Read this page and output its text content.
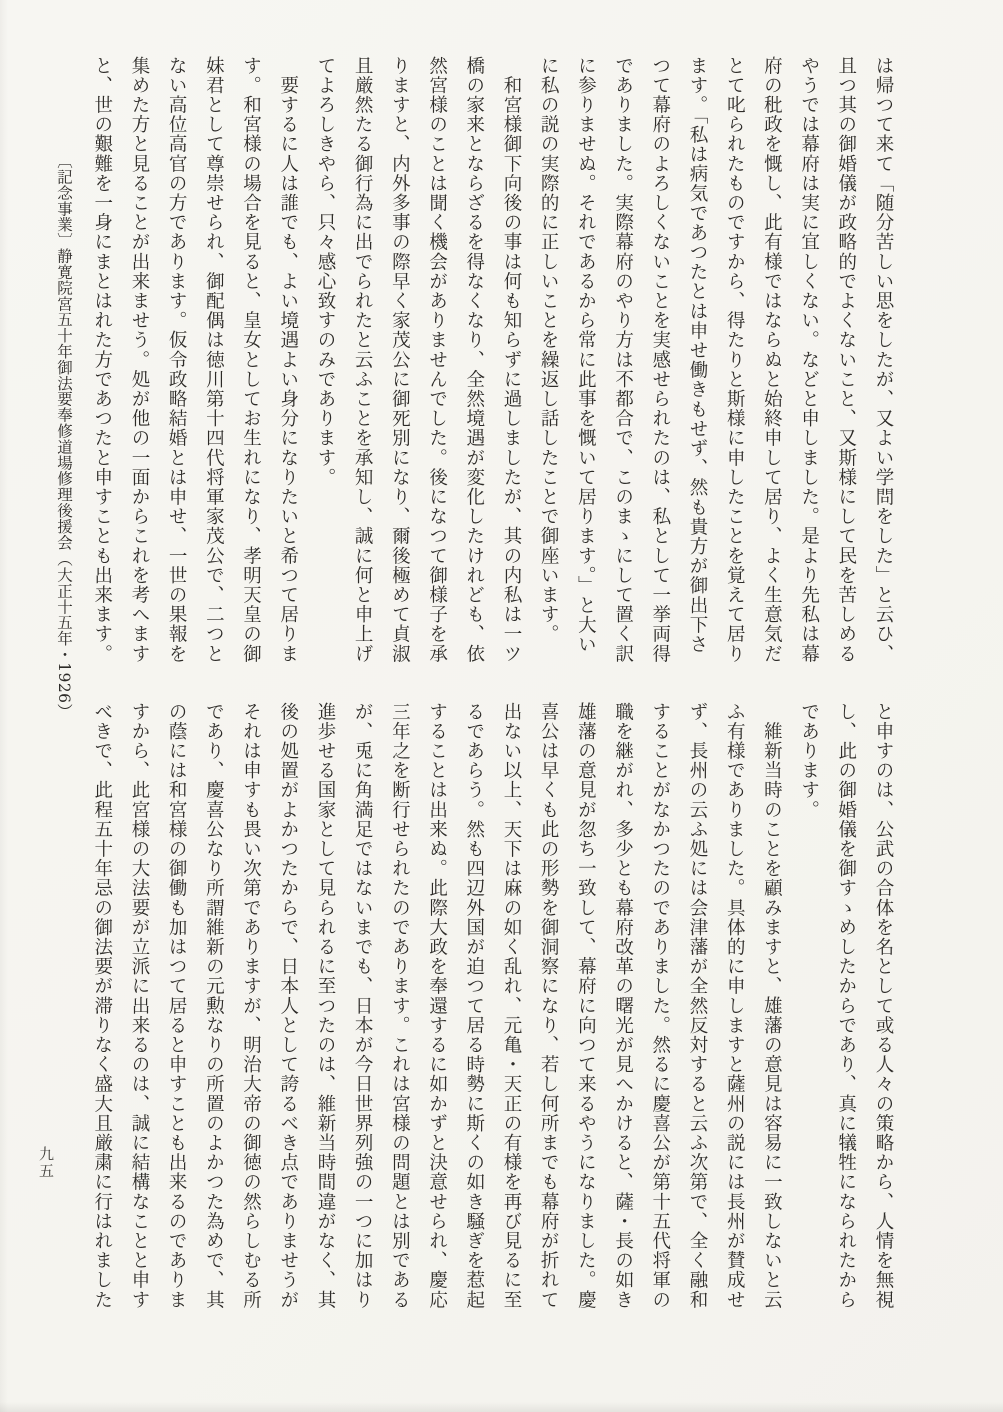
は帰つて来て「随分苦しい思をしたが、又よい学問をした」と云ひ、
且つ其の御婚儀が政略的でよくないこと、又斯様にして民を苦しめる
やうでは幕府は実に宜しくない。などと申しました。是より先私は幕
府の秕政を慨し、此有様ではならぬと始終申して居り、よく生意気だ
とて叱られたものですから、得たりと斯様に申したことを覚えて居り
ます。「私は病気であつたとは申せ働きもせず、然も貴方が御出下さ
つて幕府のよろしくないことを実感せられたのは、私として一挙両得
でありました。実際幕府のやり方は不都合で、このまゝにして置く訳
に参りませぬ。それであるから常に此事を慨いて居ります。」と大い
に私の説の実際的に正しいことを繰返し話したことで御座います。
　和宮様御下向後の事は何も知らずに過しましたが、其の内私は一ツ
橋の家来とならざるを得なくなり、全然境遇が変化したけれども、依
然宮様のことは聞く機会がありませんでした。後になつて御様子を承
りますと、内外多事の際早く家茂公に御死別になり、爾後極めて貞淑
且厳然たる御行為に出でられたと云ふことを承知し、誠に何と申上げ
てよろしきやら、只々感心致すのみであります。
　要するに人は誰でも、よい境遇よい身分になりたいと希つて居りま
す。和宮様の場合を見ると、皇女としてお生れになり、孝明天皇の御
妹君として尊崇せられ、御配偶は徳川第十四代将軍家茂公で、二つと
ない高位高官の方であります。仮令政略結婚とは申せ、一世の果報を
集めた方と見ることが出来ませう。処が他の一面からこれを考へます
と、世の艱難を一身にまとはれた方であつたと申すことも出来ます。
〔記念事業〕静寛院宮五十年御法要奉修道場修理後援会（大正十五年・1926）
と申すのは、公武の合体を名として或る人々の策略から、人情を無視
し、此の御婚儀を御すゝめしたからであり、真に犠牲になられたから
であります。
　維新当時のことを顧みますと、雄藩の意見は容易に一致しないと云
ふ有様でありました。具体的に申しますと薩州の説には長州が賛成せ
ず、長州の云ふ処には会津藩が全然反対すると云ふ次第で、全く融和
することがなかつたのでありました。然るに慶喜公が第十五代将軍の
職を継がれ、多少とも幕府改革の曙光が見へかけると、薩・長の如き
雄藩の意見が忽ち一致して、幕府に向つて来るやうになりました。慶
喜公は早くも此の形勢を御洞察になり、若し何所までも幕府が折れて
出ない以上、天下は麻の如く乱れ、元亀・天正の有様を再び見るに至
るであらう。然も四辺外国が迫つて居る時勢に斯くの如き騒ぎを惹起
することは出来ぬ。此際大政を奉還するに如かずと決意せられ、慶応
三年之を断行せられたのであります。これは宮様の問題とは別である
が、兎に角満足ではないまでも、日本が今日世界列強の一つに加はり
進歩せる国家として見られるに至つたのは、維新当時間違がなく、其
後の処置がよかつたからで、日本人として誇るべき点でありませうが
それは申すも畏い次第でありますが、明治大帝の御徳の然らしむる所
であり、慶喜公なり所謂維新の元勲なりの所置のよかつた為めで、其
の蔭には和宮様の御働も加はつて居ると申すことも出来るのでありま
すから、此宮様の大法要が立派に出来るのは、誠に結構なことと申す
べきで、此程五十年忌の御法要が滞りなく盛大且厳粛に行はれました
九五
